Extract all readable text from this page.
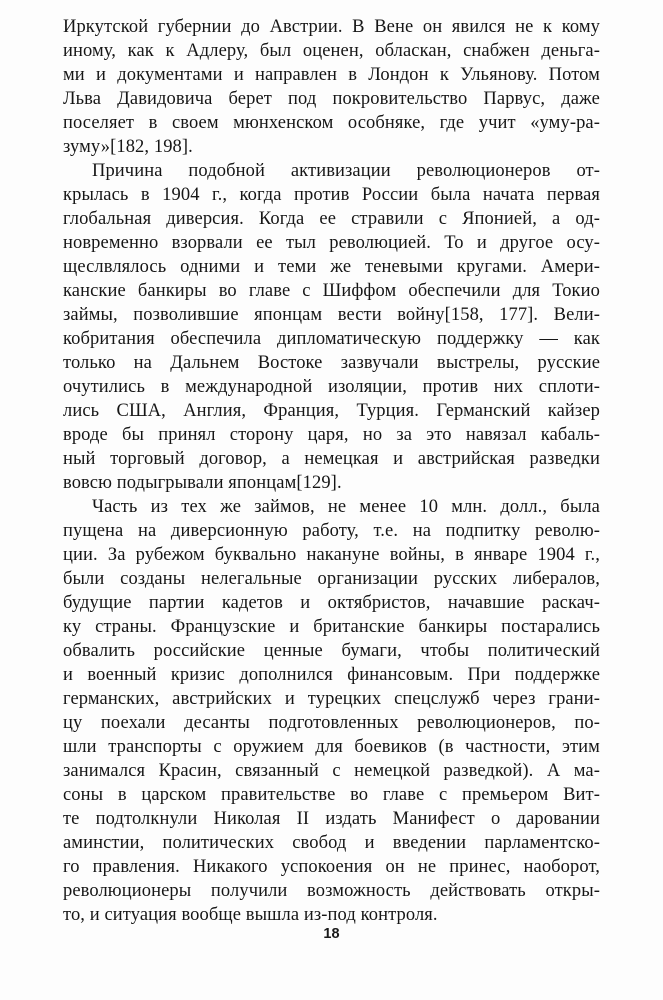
Иркутской губернии до Австрии. В Вене он явился не к кому
иному, как к Адлеру, был оценен, обласкан, снабжен деньга-
ми и документами и направлен в Лондон к Ульянову. Потом
Льва Давидовича берет под покровительство Парвус, даже
поселяет в своем мюнхенском особняке, где учит «уму-ра-
зуму»[182, 198].
Причина подобной активизации революционеров от-
крылась в 1904 г., когда против России была начата первая
глобальная диверсия. Когда ее стравили с Японией, а од-
новременно взорвали ее тыл революцией. То и другое осу-
щеслвлялось одними и теми же теневыми кругами. Амери-
канские банкиры во главе с Шиффом обеспечили для Токио
займы, позволившие японцам вести войну[158, 177]. Вели-
кобритания обеспечила дипломатическую поддержку — как
только на Дальнем Востоке зазвучали выстрелы, русские
очутились в международной изоляции, против них сплоти-
лись США, Англия, Франция, Турция. Германский кайзер
вроде бы принял сторону царя, но за это навязал кабаль-
ный торговый договор, а немецкая и австрийская разведки
вовсю подыгрывали японцам[129].
Часть из тех же займов, не менее 10 млн. долл., была
пущена на диверсионную работу, т.е. на подпитку револю-
ции. За рубежом буквально накануне войны, в январе 1904 г.,
были созданы нелегальные организации русских либералов,
будущие партии кадетов и октябристов, начавшие раскач-
ку страны. Французские и британские банкиры постарались
обвалить российские ценные бумаги, чтобы политический
и военный кризис дополнился финансовым. При поддержке
германских, австрийских и турецких спецслужб через грани-
цу поехали десанты подготовленных революционеров, по-
шли транспорты с оружием для боевиков (в частности, этим
занимался Красин, связанный с немецкой разведкой). А ма-
соны в царском правительстве во главе с премьером Вит-
те подтолкнули Николая II издать Манифест о даровании
аминстии, политических свобод и введении парламентско-
го правления. Никакого успокоения он не принес, наоборот,
революционеры получили возможность действовать откры-
то, и ситуация вообще вышла из-под контроля.
18
